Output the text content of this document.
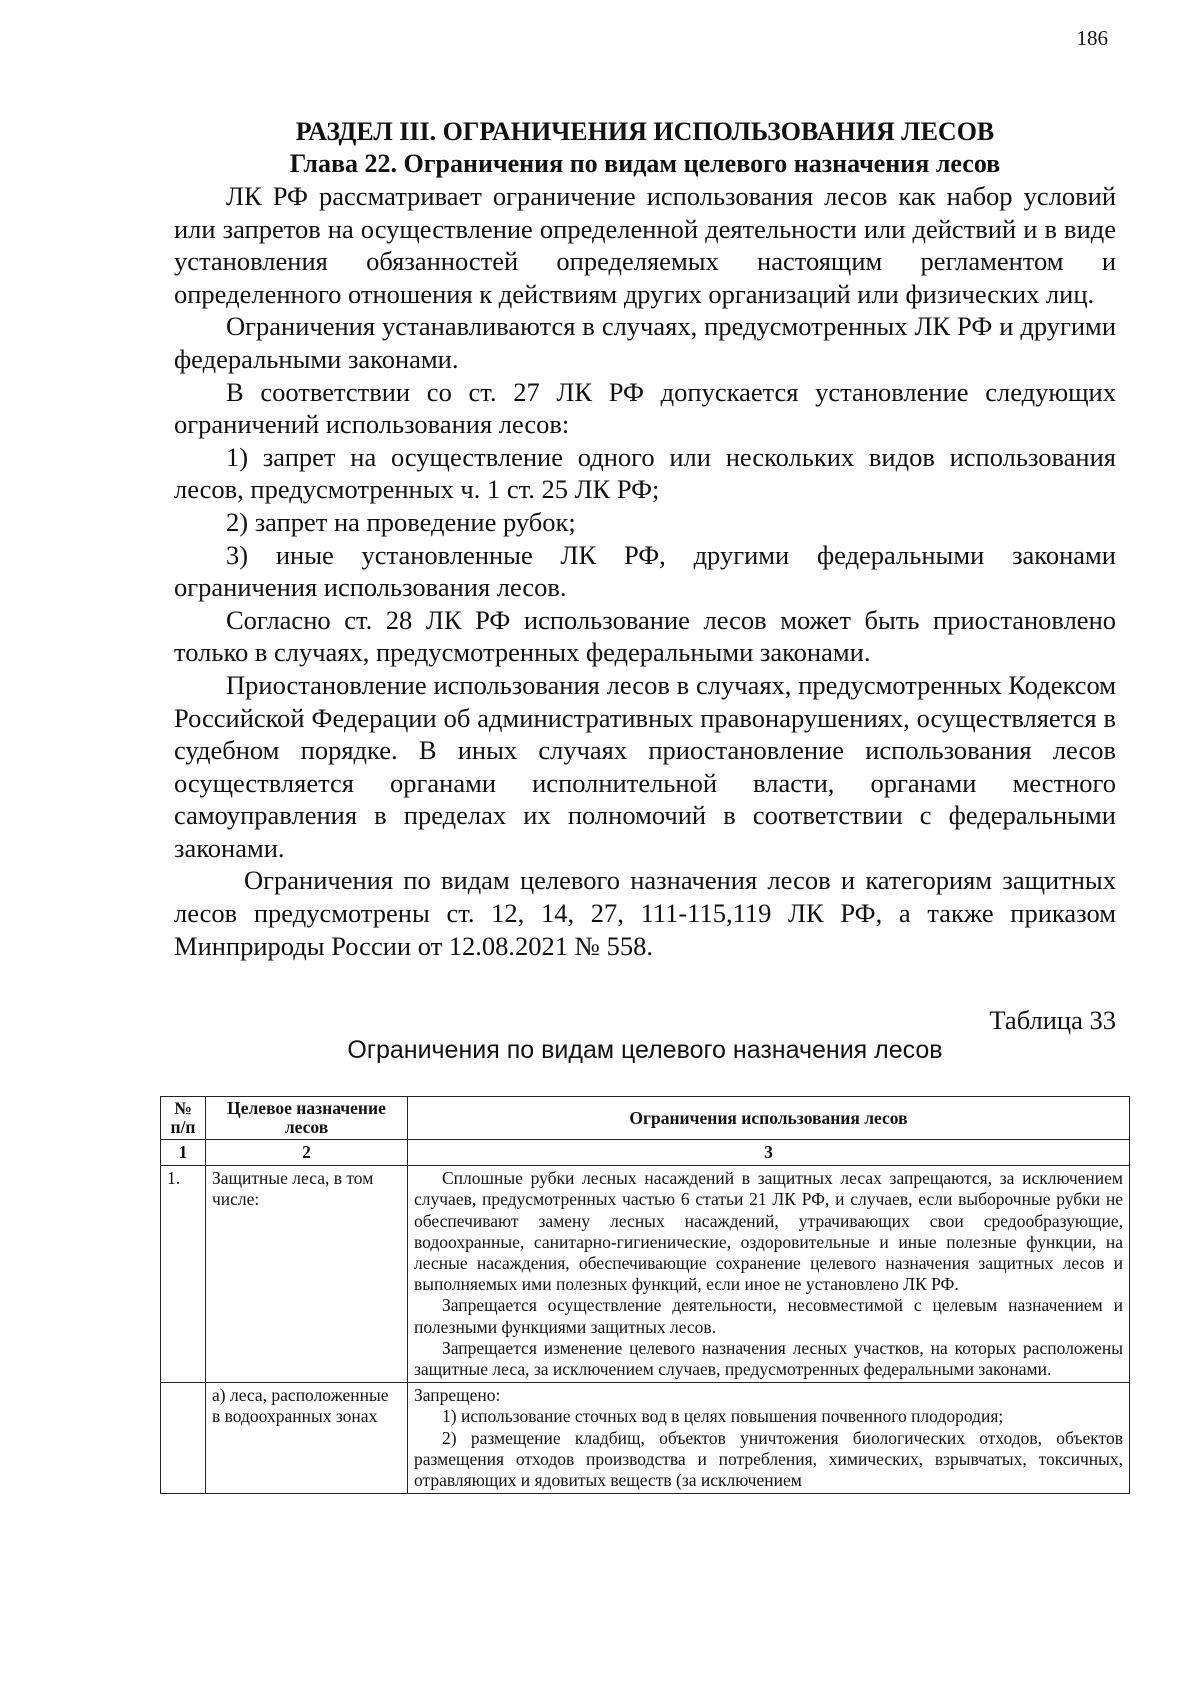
186

РАЗДЕЛ III. ОГРАНИЧЕНИЯ ИСПОЛЬЗОВАНИЯ ЛЕСОВ

Глава 22. Ограничения по видам целевого назначения лесов

ЛК РФ рассматривает ограничение использования лесов как набор условий или запретов на осуществление определенной деятельности или действий и в виде установления обязанностей определяемых настоящим регламентом и определенного отношения к действиям других организаций или физических лиц.

Ограничения устанавливаются в случаях, предусмотренных ЛК РФ и другими федеральными законами.

В соответствии со ст. 27 ЛК РФ допускается установление следующих ограничений использования лесов:

1) запрет на осуществление одного или нескольких видов использования лесов, предусмотренных ч. 1 ст. 25 ЛК РФ;

2) запрет на проведение рубок;

3) иные установленные ЛК РФ, другими федеральными законами ограничения использования лесов.

Согласно ст. 28 ЛК РФ использование лесов может быть приостановлено только в случаях, предусмотренных федеральными законами.

Приостановление использования лесов в случаях, предусмотренных Кодексом Российской Федерации об административных правонарушениях, осуществляется в судебном порядке. В иных случаях приостановление использования лесов осуществляется органами исполнительной власти, органами местного самоуправления в пределах их полномочий в соответствии с федеральными законами.

Ограничения по видам целевого назначения лесов и категориям защитных лесов предусмотрены ст. 12, 14, 27, 111-115,119 ЛК РФ, а также приказом Минприроды России от 12.08.2021 № 558.

Таблица 33

Ограничения по видам целевого назначения лесов

№ п/п	Целевое назначение лесов	Ограничения использования лесов
1	2	3
1.	Защитные леса, в том числе:	Сплошные рубки лесных насаждений в защитных лесах запрещаются, за исключением случаев, предусмотренных частью 6 статьи 21 ЛК РФ, и случаев, если выборочные рубки не обеспечивают замену лесных насаждений, утрачивающих свои средообразующие, водоохранные, санитарно-гигиенические, оздоровительные и иные полезные функции, на лесные насаждения, обеспечивающие сохранение целевого назначения защитных лесов и выполняемых ими полезных функций, если иное не установлено ЛК РФ.

Запрещается осуществление деятельности, несовместимой с целевым назначением и полезными функциями защитных лесов.

Запрещается изменение целевого назначения лесных участков, на которых расположены защитные леса, за исключением случаев, предусмотренных федеральными законами.

	а) леса, расположенные в водоохранных зонах	Запрещено:

1) использование сточных вод в целях повышения почвенного плодородия;

2) размещение кладбищ, объектов уничтожения биологических отходов, объектов размещения отходов производства и потребления, химических, взрывчатых, токсичных, отравляющих и ядовитых веществ (за исключением
